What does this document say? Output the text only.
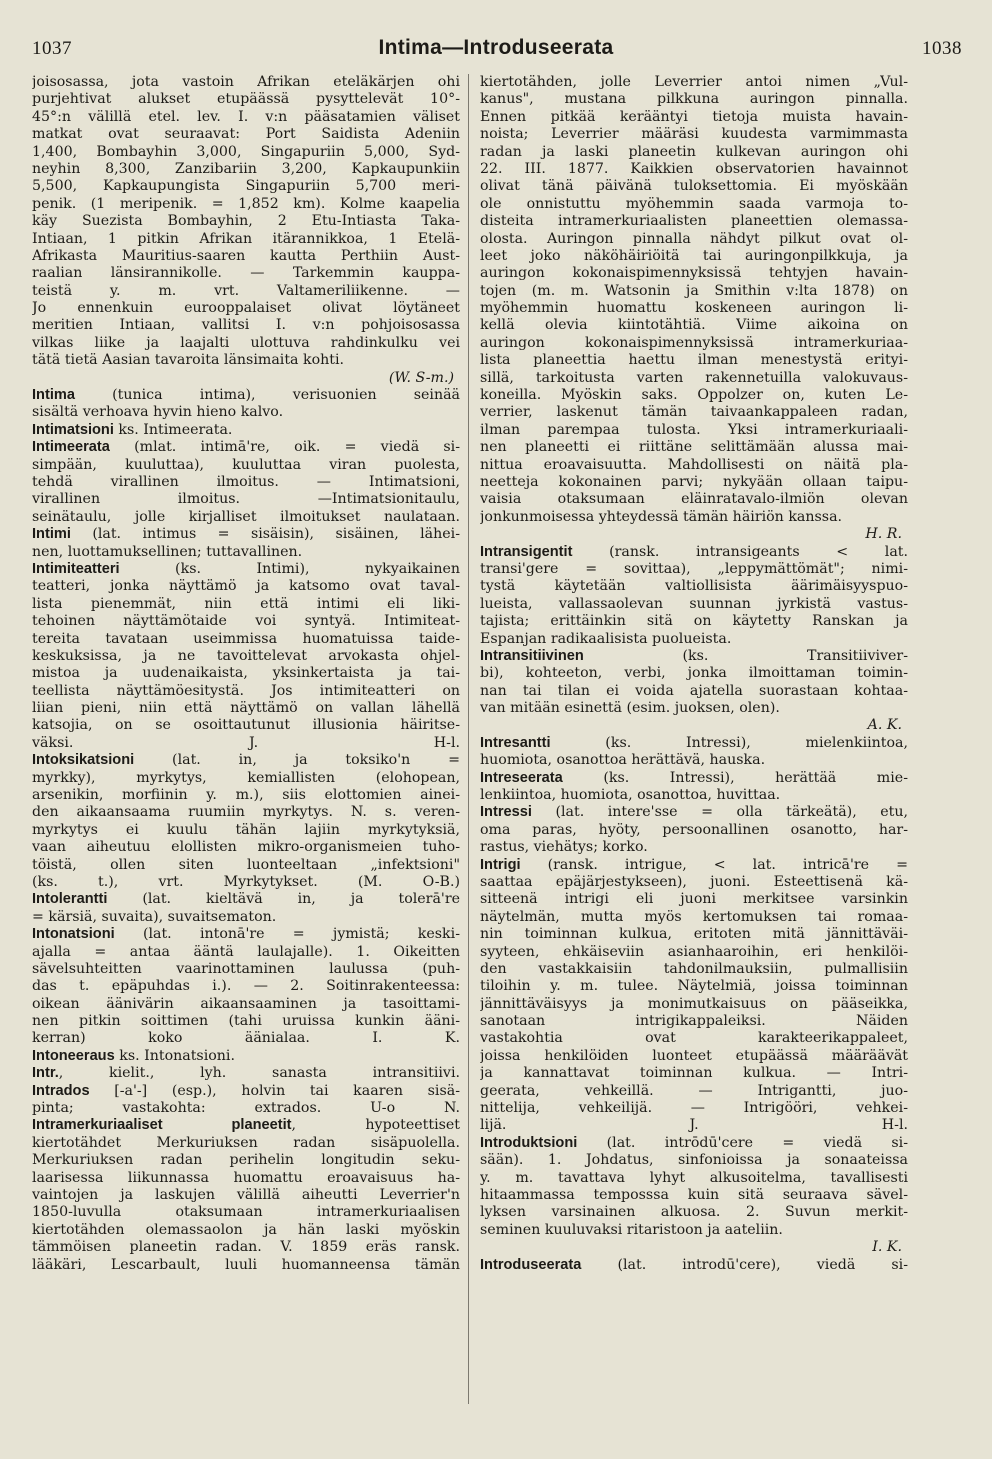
1037	Intima—Introduseerata	1038
joisosassa, jota vastoin Afrikan eteläkärjen ohi
purjehtivat alukset etupäässä pysyttelevät 10°-
45°:n välillä etel. lev. I. v:n pääsatamien väliset
matkat ovat seuraavat: Port Saidista Adeniin
1,400, Bombayhin 3,000, Singapuriin 5,000, Syd-
neyhin 8,300, Zanzibariin 3,200, Kapkaupunkiin
5,500, Kapkaupungista Singapuriin 5,700 meri-
penik. (1 meripenik. = 1,852 km). Kolme kaapelia
käy Suezista Bombayhin, 2 Etu-Intiasta Taka-
Intiaan, 1 pitkin Afrikan itärannikkoa, 1 Etelä-
Afrikasta Mauritius-saaren kautta Perthiin Aust-
raalian länsirannikolle. — Tarkemmin kauppa-
teistä y. m. vrt. Valtameriliikenne. —
Jo ennenkuin eurooppalaiset olivat löytäneet
meritien Intiaan, vallitsi I. v:n pohjoisosassa
vilkas liike ja laajalti ulottuva rahdinkulku vei
tätä tietä Aasian tavaroita länsimaita kohti.
(W. S-m.)
Intima (tunica intima), verisuonien seinää
sisältä verhoava hyvin hieno kalvo.
Intimatsioni ks. Intimeerata.
Intimeerata (mlat. intimā're, oik. = viedä si-
simpään, kuuluttaa), kuuluttaa viran puolesta,
tehdä virallinen ilmoitus. — Intimatsioni,
virallinen ilmoitus. —Intimatsionitaulu,
seinätaulu, jolle kirjalliset ilmoitukset naulataan.
Intimi (lat. intimus = sisäisin), sisäinen, lähei-
nen, luottamuksellinen; tuttavallinen.
Intimiteatteri (ks. Intimi), nykyaikainen
teatteri, jonka näyttämö ja katsomo ovat taval-
lista pienemmät, niin että intimi eli liki-
tehoinen näyttämötaide voi syntyä. Intimiteat-
tereita tavataan useimmissa huomatuissa taide-
keskuksissa, ja ne tavoittelevat arvokasta ohjel-
mistoa ja uudenaikaista, yksinkertaista ja tai-
teellista näyttämöesitystä. Jos intimiteatteri on
liian pieni, niin että näyttämö on vallan lähellä
katsojia, on se osoittautunut illusionia häiritse-
väksi. J. H-l.
Intoksikatsioni (lat. in, ja toksiko'n =
myrkky), myrkytys, kemiallisten (elohopean,
arsenikin, morfiinin y. m.), siis elottomien ainei-
den aikaansaama ruumiin myrkytys. N. s. veren-
myrkytys ei kuulu tähän lajiin myrkytyksiä,
vaan aiheutuu elollisten mikro-organismeien tuho-
töistä, ollen siten luonteeltaan „infektsioni"
(ks. t.), vrt. Myrkytykset. (M. O-B.)
Intolerantti (lat. kieltävä in, ja tolerā're
= kärsiä, suvaita), suvaitsematon.
Intonatsioni (lat. intonā're = jymistä; keski-
ajalla = antaa ääntä laulajalle). 1. Oikeitten
sävelsuhteitten vaarinottaminen laulussa (puh-
das t. epäpuhdas i.). — 2. Soitinrakenteessa:
oikean äänivärin aikaansaaminen ja tasoittami-
nen pitkin soittimen (tahi uruissa kunkin ääni-
kerran) koko äänialaa. I. K.
Intoneeraus ks. Intonatsioni.
Intr., kielit., lyh. sanasta intransitiivi.
Intrados [-a'-] (esp.), holvin tai kaaren sisä-
pinta; vastakohta: extrados. U-o N.
Intramerkuriaaliset planeetit, hypoteettiset
kiertotähdet Merkuriuksen radan sisäpuolella.
Merkuriuksen radan perihelin longitudin seku-
laarisessa liikunnassa huomattu eroavaisuus ha-
vaintojen ja laskujen välillä aiheutti Leverrier'n
1850-luvulla otaksumaan intramerkuriaalisen
kiertotähden olemassaolon ja hän laski myöskin
tämmöisen planeetin radan. V. 1859 eräs ransk.
lääkäri, Lescarbault, luuli huomanneensa tämän
kiertotähden, jolle Leverrier antoi nimen „Vul-
kanus", mustana pilkkuna auringon pinnalla.
Ennen pitkää kerääntyi tietoja muista havain-
noista; Leverrier määräsi kuudesta varmimmasta
radan ja laski planeetin kulkevan auringon ohi
22. III. 1877. Kaikkien observatorien havainnot
olivat tänä päivänä tuloksettomia. Ei myöskään
ole onnistuttu myöhemmin saada varmoja to-
disteita intramerkuriaalisten planeettien olemassa-
olosta. Auringon pinnalla nähdyt pilkut ovat ol-
leet joko näköhäiriöitä tai auringonpilkkuja, ja
auringon kokonaispimennyksissä tehtyjen havain-
tojen (m. m. Watsonin ja Smithin v:lta 1878) on
myöhemmin huomattu koskeneen auringon li-
kellä olevia kiintotähtiä. Viime aikoina on
auringon kokonaispimennyksissä intramerkuriaa-
lista planeettia haettu ilman menestystä erityi-
sillä, tarkoitusta varten rakennetuilla valokuvaus-
koneilla. Myöskin saks. Oppolzer on, kuten Le-
verrier, laskenut tämän taivaankappaleen radan,
ilman parempaa tulosta. Yksi intramerkuriaali-
nen planeetti ei riittäne selittämään alussa mai-
nittua eroavaisuutta. Mahdollisesti on näitä pla-
neetteja kokonainen parvi; nykyään ollaan taipu-
vaisia otaksumaan eläinratavalo-ilmiön olevan
jonkunmoisessa yhteydessä tämän häiriön kanssa.
H. R.
Intransigentit (ransk. intransigeants < lat.
transi'gere = sovittaa), „leppymättömät"; nimi-
tystä käytetään valtiollisista äärimäisyyspuo-
lueista, vallassaolevan suunnan jyrkistä vastus-
tajista; erittäinkin sitä on käytetty Ranskan ja
Espanjan radikaalisista puolueista.
Intransitiivinen (ks. Transitiiviver-
bi), kohteeton, verbi, jonka ilmoittaman toimin-
nan tai tilan ei voida ajatella suorastaan kohtaa-
van mitään esinettä (esim. juoksen, olen).
A. K.
Intresantti (ks. Intressi), mielenkiintoa,
huomiota, osanottoa herättävä, hauska.
Intreseerata (ks. Intressi), herättää mie-
lenkiintoa, huomiota, osanottoa, huvittaa.
Intressi (lat. intere'sse = olla tärkeätä), etu,
oma paras, hyöty, persoonallinen osanotto, har-
rastus, viehätys; korko.
Intrigi (ransk. intrigue, < lat. intricā're =
saattaa epäjärjestykseen), juoni. Esteettisenä kä-
sitteenä intrigi eli juoni merkitsee varsinkin
näytelmän, mutta myös kertomuksen tai romaa-
nin toiminnan kulkua, eritoten mitä jännittäväi-
syyteen, ehkäiseviin asianhaaroihin, eri henkilöi-
den vastakkaisiin tahdonilmauksiin, pulmallisiin
tiloihin y. m. tulee. Näytelmiä, joissa toiminnan
jännittäväisyys ja monimutkaisuus on pääseikka,
sanotaan intrigikappaleiksi. Näiden
vastakohtia ovat karakteerikappaleet,
joissa henkilöiden luonteet etupäässä määräävät
ja kannattavat toiminnan kulkua. — Intri-
geerata, vehkeillä. — Intrigantti, juo-
nittelija, vehkeilijä. — Intrigööri, vehkei-
lijä. J. H-l.
Introduktsioni (lat. intrōdū'cere = viedä si-
sään). 1. Johdatus, sinfonioissa ja sonaateissa
y. m. tavattava lyhyt alkusoitelma, tavallisesti
hitaammassa temposssa kuin sitä seuraava sävel-
lyksen varsinainen alkuosa. 2. Suvun merkit-
seminen kuuluvaksi ritaristoon ja aateliin.
I. K.
Introduseerata (lat. introdū'cere), viedä si-
